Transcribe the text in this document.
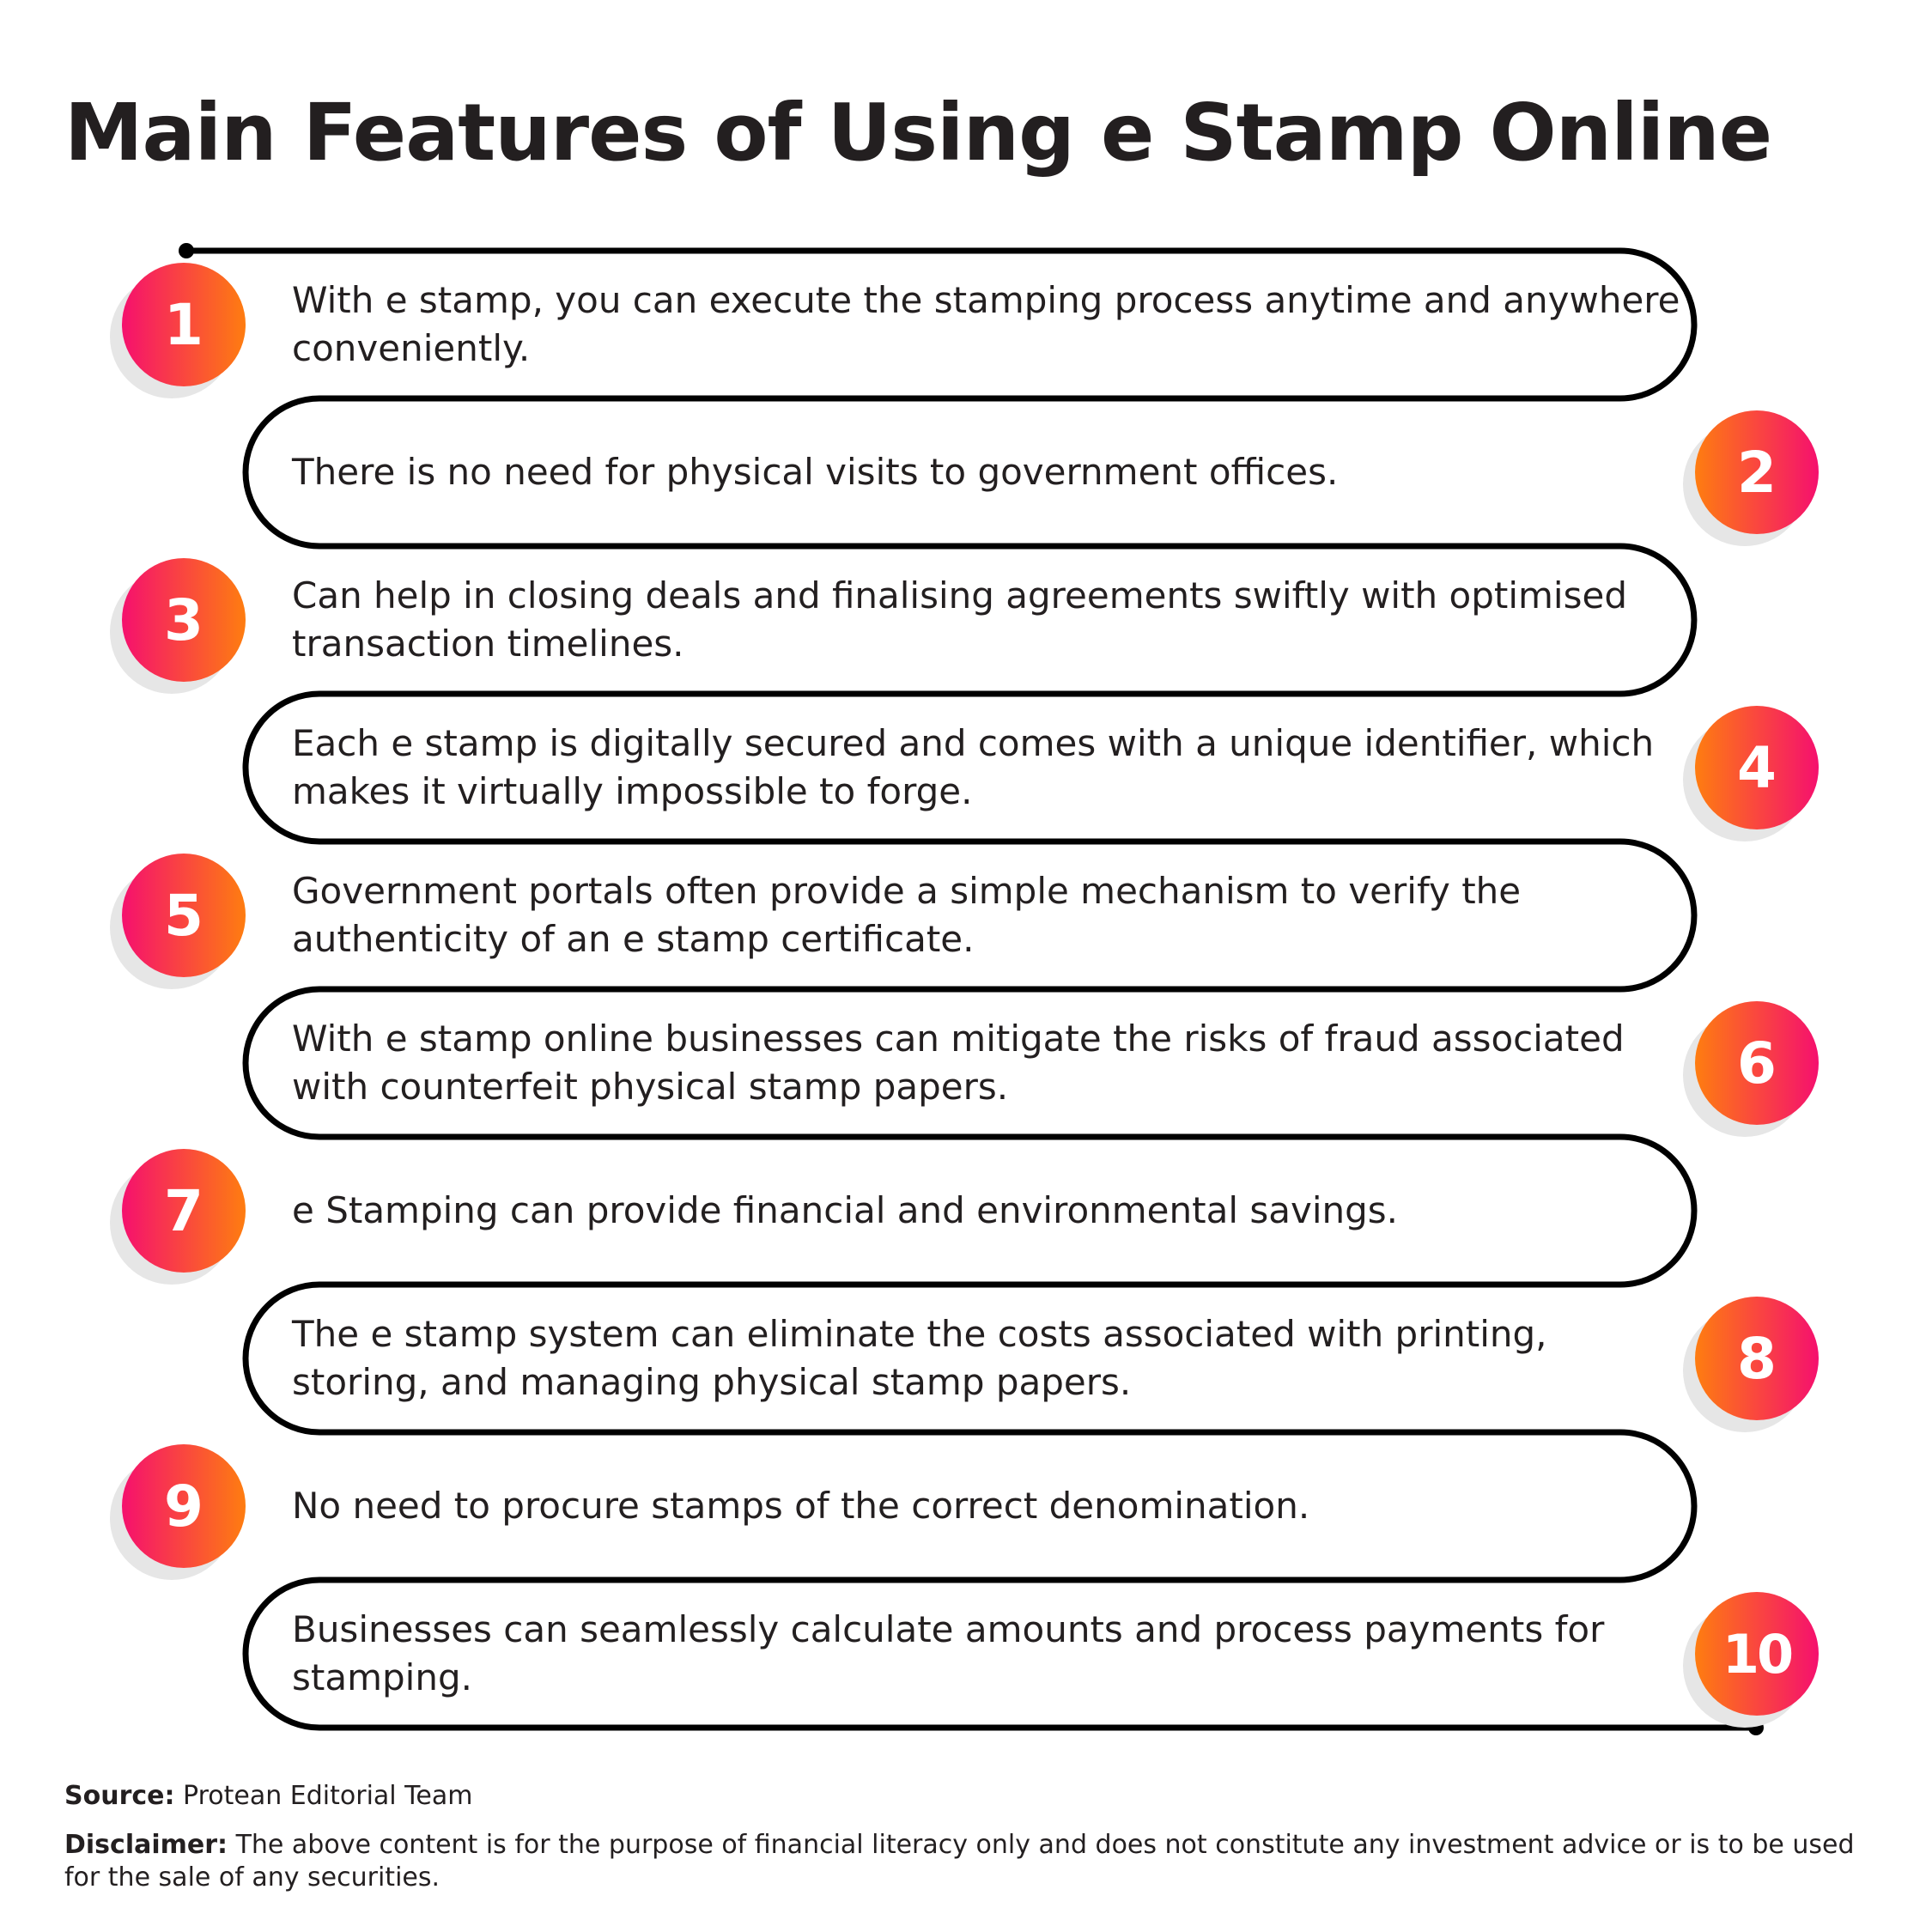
Main Features of Using e Stamp Online
1	With e stamp, you can execute the stamping process anytime and anywhere conveniently.
2
There is no need for physical visits to government offices.
3	Can help in closing deals and finalising agreements swiftly with optimised transaction timelines.
4
Each e stamp is digitally secured and comes with a unique identifier, which makes it virtually impossible to forge.
5	Government portals often provide a simple mechanism to verify the authenticity of an e stamp certificate.
6
With e stamp online businesses can mitigate the risks of fraud associated with counterfeit physical stamp papers.
7	e Stamping can provide financial and environmental savings.
8
The e stamp system can eliminate the costs associated with printing, storing, and managing physical stamp papers.
9	No need to procure stamps of the correct denomination.
10
Businesses can seamlessly calculate amounts and process payments for stamping.
Source: Protean Editorial Team
Disclaimer: The above content is for the purpose of financial literacy only and does not constitute any investment advice or is to be used for the sale of any securities.
